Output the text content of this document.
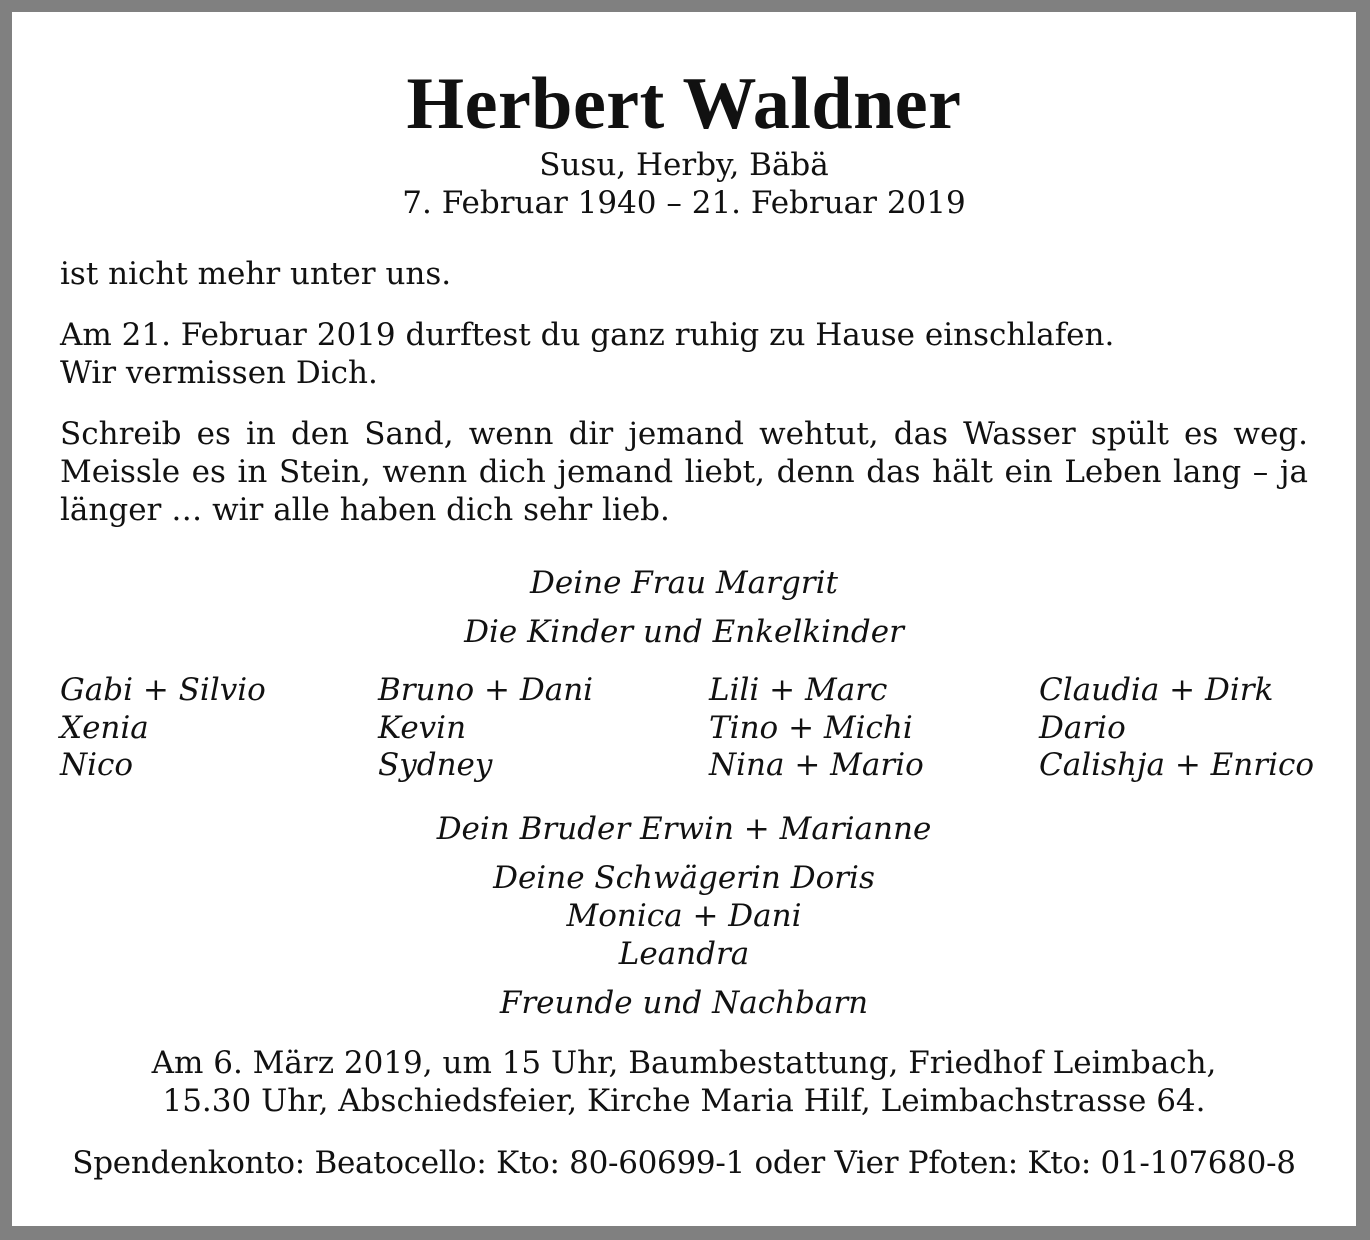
Herbert Waldner
Susu, Herby, Bäbä
7. Februar 1940 – 21. Februar 2019
ist nicht mehr unter uns.
Am 21. Februar 2019 durftest du ganz ruhig zu Hause einschlafen.
Wir vermissen Dich.
Schreib es in den Sand, wenn dir jemand wehtut, das Wasser spült es weg. Meissle es in Stein, wenn dich jemand liebt, denn das hält ein Leben lang – ja länger … wir alle haben dich sehr lieb.
Deine Frau Margrit
Die Kinder und Enkelkinder
Gabi + Silvio
Xenia
Nico
Bruno + Dani
Kevin
Sydney
Lili + Marc
Tino + Michi
Nina + Mario
Claudia + Dirk
Dario
Calishja + Enrico
Dein Bruder Erwin + Marianne
Deine Schwägerin Doris
Monica + Dani
Leandra
Freunde und Nachbarn
Am 6. März 2019, um 15 Uhr, Baumbestattung, Friedhof Leimbach,
15.30 Uhr, Abschiedsfeier, Kirche Maria Hilf, Leimbachstrasse 64.
Spendenkonto: Beatocello: Kto: 80-60699-1 oder Vier Pfoten: Kto: 01-107680-8
